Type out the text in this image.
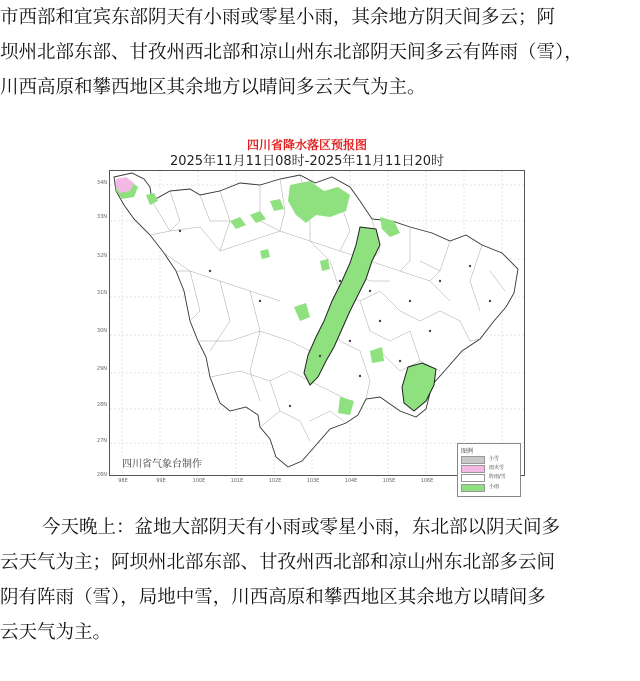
市西部和宜宾东部阴天有小雨或零星小雨，其余地方阴天间多云；阿

坝州北部东部、甘孜州西北部和凉山州东北部阴天间多云有阵雨（雪），

川西高原和攀西地区其余地方以晴间多云天气为主。

四川省降水落区预报图
2025年11月11日08时-2025年11月11日20时
34N
33N
32N
31N
30N
29N
28N
27N
26N
98E	99E	100E	101E	102E	103E	104E	105E	106E
四川省气象台制作
图例
小雪
雨夹雪
阵雨/雪
小雨

今天晚上：盆地大部阴天有小雨或零星小雨，东北部以阴天间多

云天气为主；阿坝州北部东部、甘孜州西北部和凉山州东北部多云间

阴有阵雨（雪），局地中雪，川西高原和攀西地区其余地方以晴间多

云天气为主。
